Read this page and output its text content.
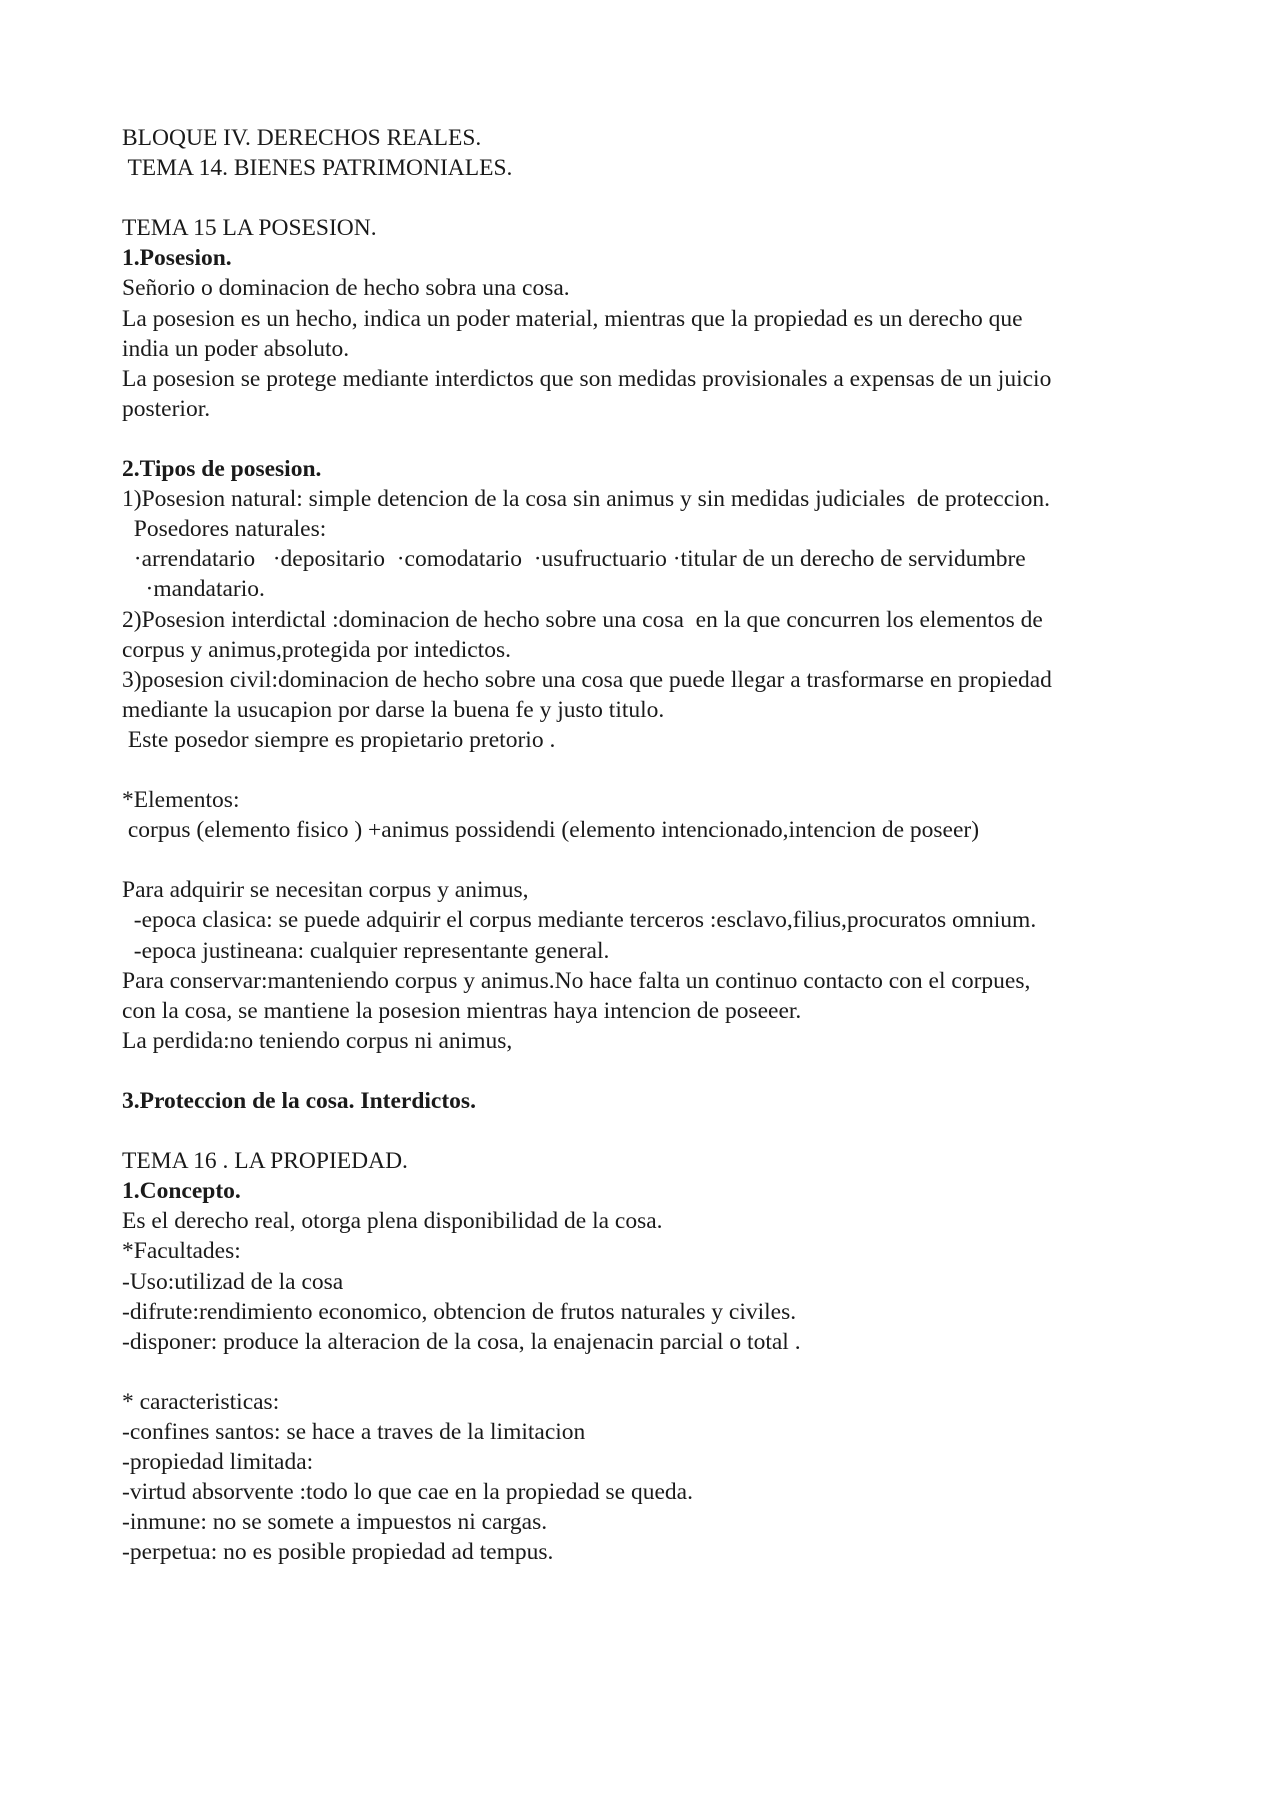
BLOQUE IV. DERECHOS REALES.
TEMA 14. BIENES PATRIMONIALES.
TEMA 15 LA POSESION.
1.Posesion.
Señorio o dominacion de hecho sobra una cosa.
La posesion es un hecho, indica un poder material, mientras que la propiedad es un derecho que
india un poder absoluto.
La posesion se protege mediante interdictos que son medidas provisionales a expensas de un juicio
posterior.
2.Tipos de posesion.
1)Posesion natural: simple detencion de la cosa sin animus y sin medidas judiciales  de proteccion.
Posedores naturales:
·arrendatario   ·depositario  ·comodatario  ·usufructuario ·titular de un derecho de servidumbre
·mandatario.
2)Posesion interdictal :dominacion de hecho sobre una cosa  en la que concurren los elementos de
corpus y animus,protegida por intedictos.
3)posesion civil:dominacion de hecho sobre una cosa que puede llegar a trasformarse en propiedad
mediante la usucapion por darse la buena fe y justo titulo.
Este posedor siempre es propietario pretorio .
*Elementos:
corpus (elemento fisico ) +animus possidendi (elemento intencionado,intencion de poseer)
Para adquirir se necesitan corpus y animus,
-epoca clasica: se puede adquirir el corpus mediante terceros :esclavo,filius,procuratos omnium.
-epoca justineana: cualquier representante general.
Para conservar:manteniendo corpus y animus.No hace falta un continuo contacto con el corpues,
con la cosa, se mantiene la posesion mientras haya intencion de poseeer.
La perdida:no teniendo corpus ni animus,
3.Proteccion de la cosa. Interdictos.
TEMA 16 . LA PROPIEDAD.
1.Concepto.
Es el derecho real, otorga plena disponibilidad de la cosa.
*Facultades:
-Uso:utilizad de la cosa
-difrute:rendimiento economico, obtencion de frutos naturales y civiles.
-disponer: produce la alteracion de la cosa, la enajenacin parcial o total .
* caracteristicas:
-confines santos: se hace a traves de la limitacion
-propiedad limitada:
-virtud absorvente :todo lo que cae en la propiedad se queda.
-inmune: no se somete a impuestos ni cargas.
-perpetua: no es posible propiedad ad tempus.
